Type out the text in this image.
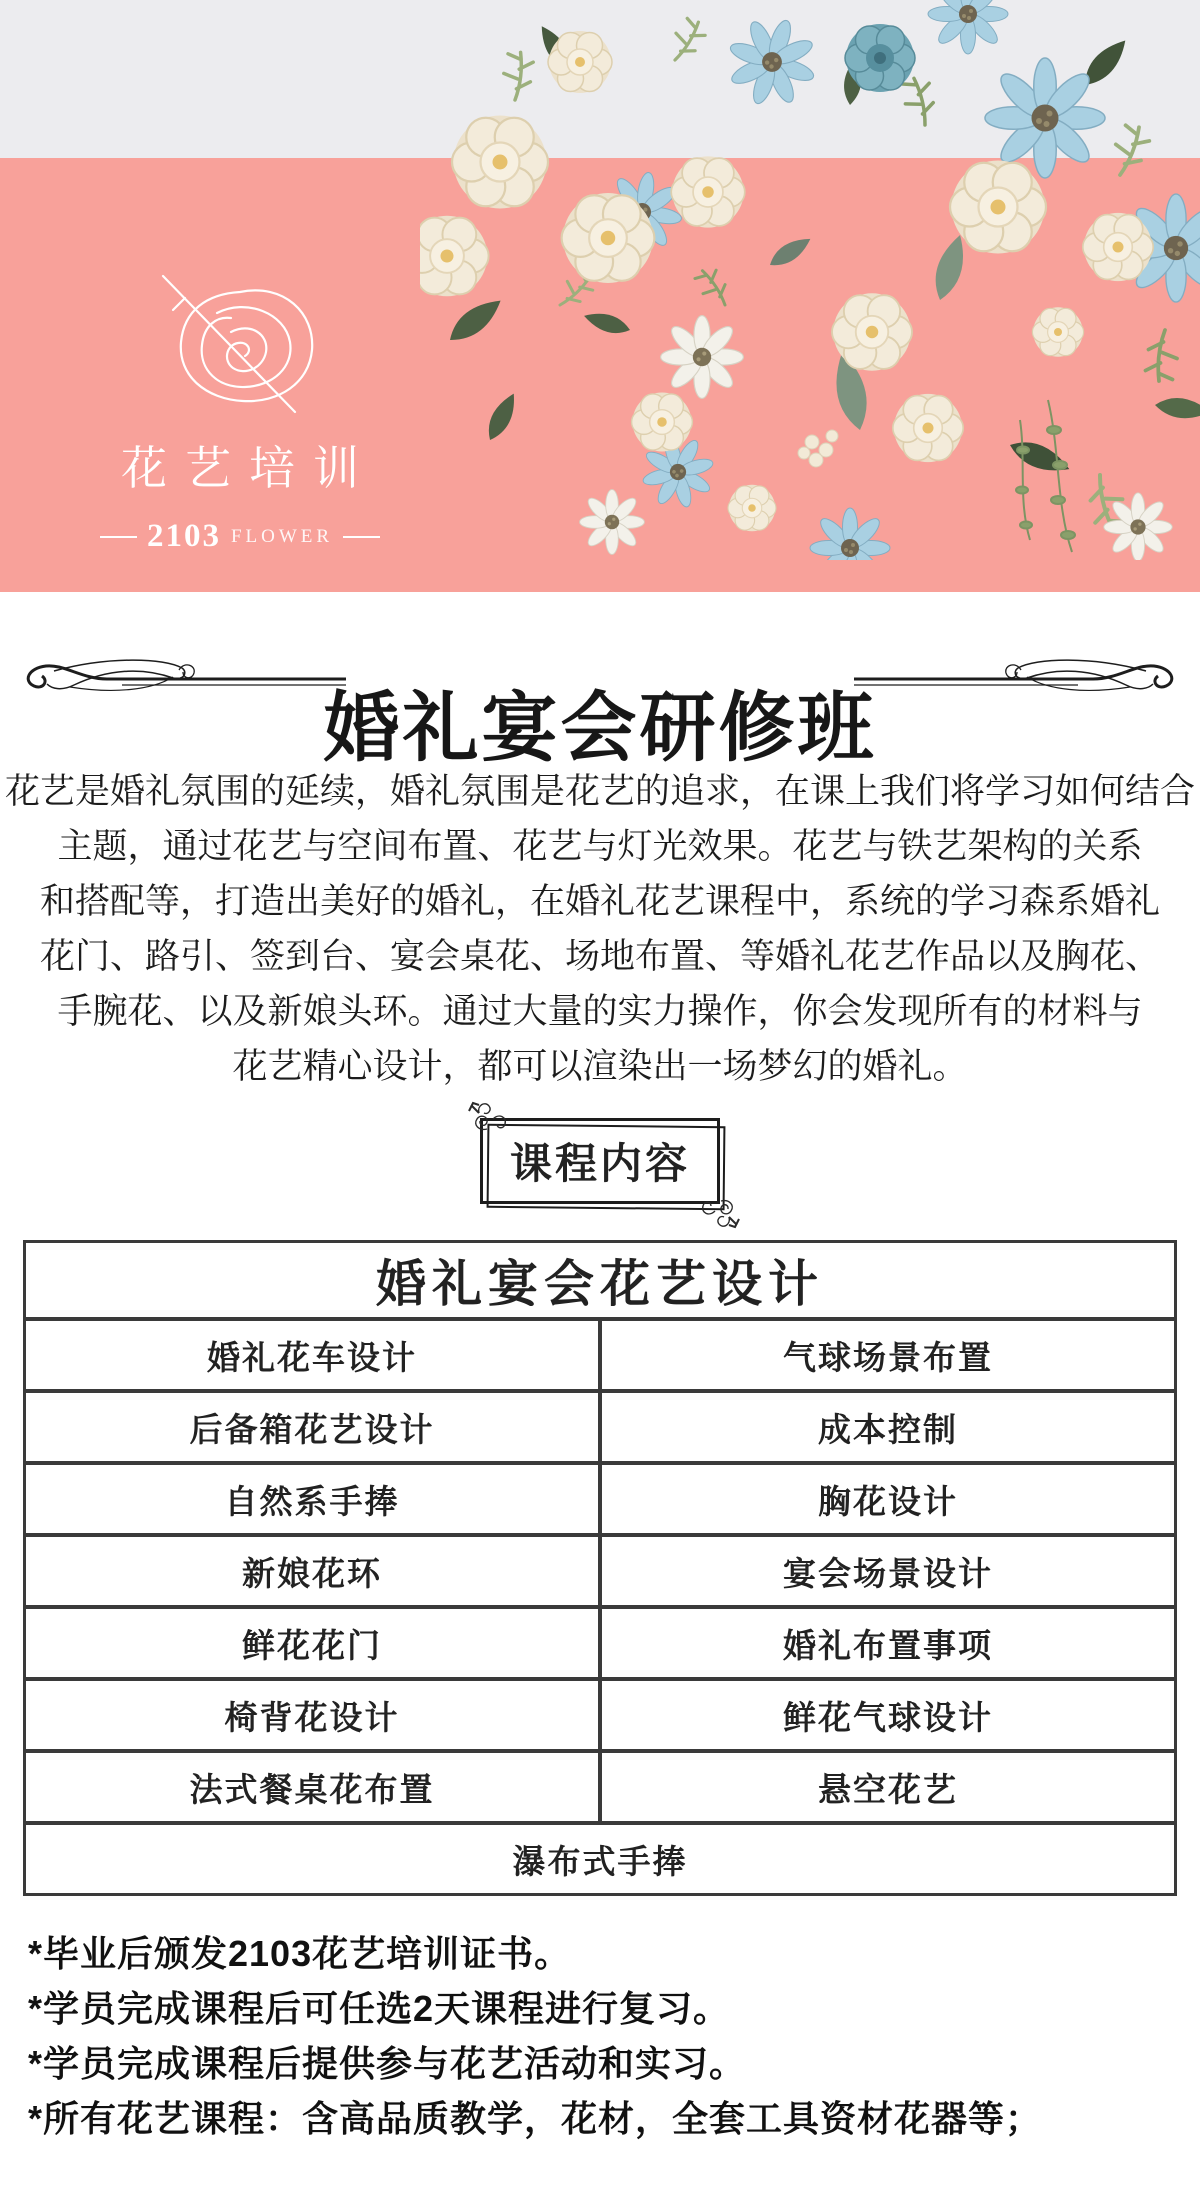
花艺培训
2103 FLOWER
婚礼宴会研修班
花艺是婚礼氛围的延续，婚礼氛围是花艺的追求，在课上我们将学习如何结合
主题，通过花艺与空间布置、花艺与灯光效果。花艺与铁艺架构的关系
和搭配等，打造出美好的婚礼，在婚礼花艺课程中，系统的学习森系婚礼
花门、路引、签到台、宴会桌花、场地布置、等婚礼花艺作品以及胸花、
手腕花、以及新娘头环。通过大量的实力操作，你会发现所有的材料与
花艺精心设计，都可以渲染出一场梦幻的婚礼。
课程内容
婚礼宴会花艺设计	
婚礼花车设计	气球场景布置
后备箱花艺设计	成本控制
自然系手捧	胸花设计
新娘花环	宴会场景设计
鲜花花门	婚礼布置事项
椅背花设计	鲜花气球设计
法式餐桌花布置	悬空花艺
瀑布式手捧	
*毕业后颁发2103花艺培训证书。
*学员完成课程后可任选2天课程进行复习。
*学员完成课程后提供参与花艺活动和实习。
*所有花艺课程：含高品质教学，花材，全套工具资材花器等；
